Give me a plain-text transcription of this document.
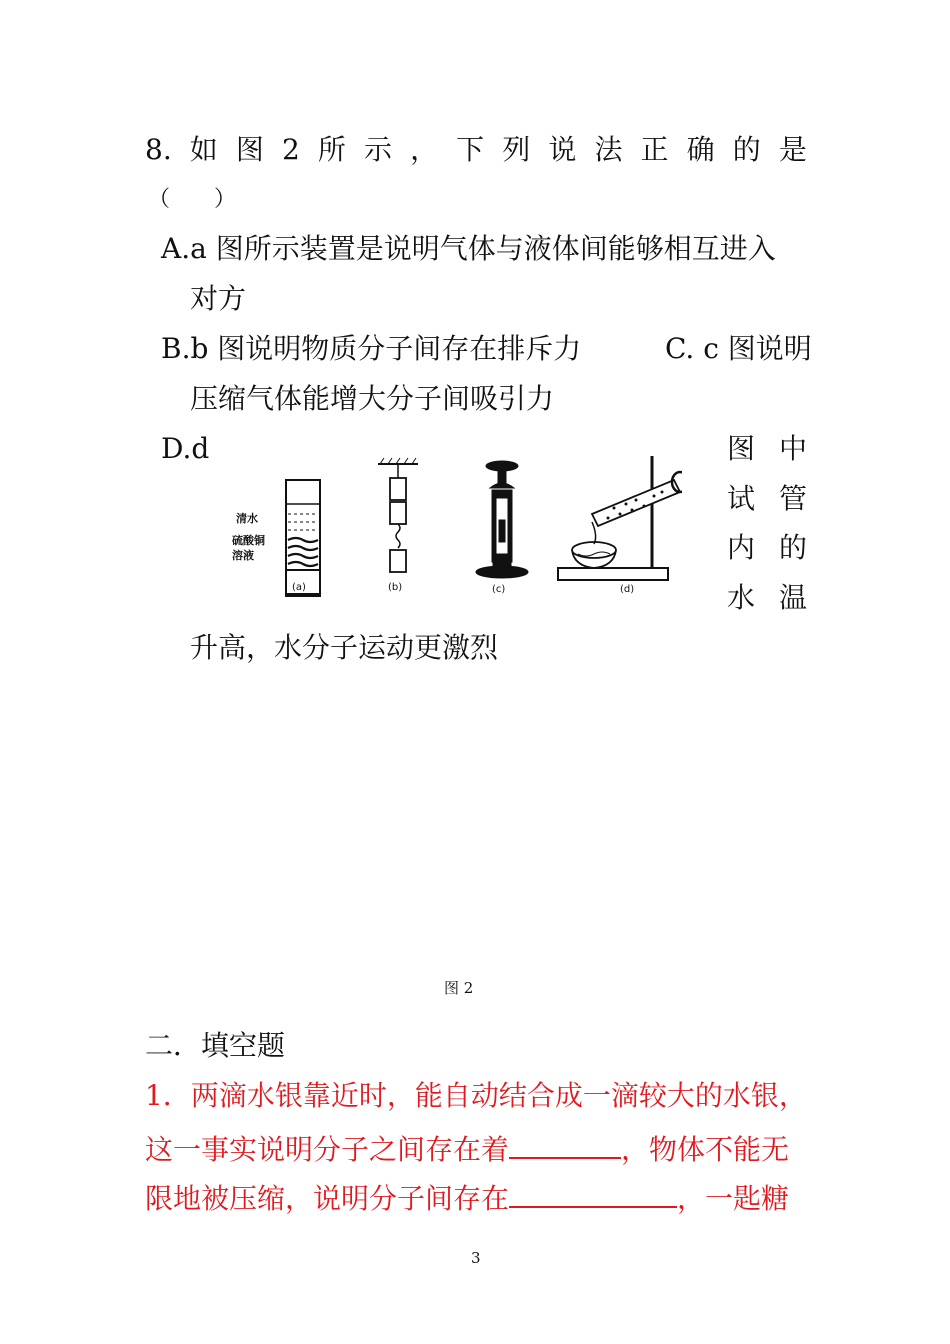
8. 如 图 2 所 示 ， 下 列 说 法 正 确 的 是
（　　）
A.a 图所示装置是说明气体与液体间能够相互进入
对方
B.b 图说明物质分子间存在排斥力	C. c 图说明
压缩气体能增大分子间吸引力
D.d	图 中
试 管
内 的
水 温
升高，水分子运动更激烈
清水
硫酸铜
溶液
(a)	(b)	(c)	(d)
图 2
二．填空题
1．两滴水银靠近时，能自动结合成一滴较大的水银，
这一事实说明分子之间存在着	，物体不能无
限地被压缩，说明分子间存在	，一匙糖
3
